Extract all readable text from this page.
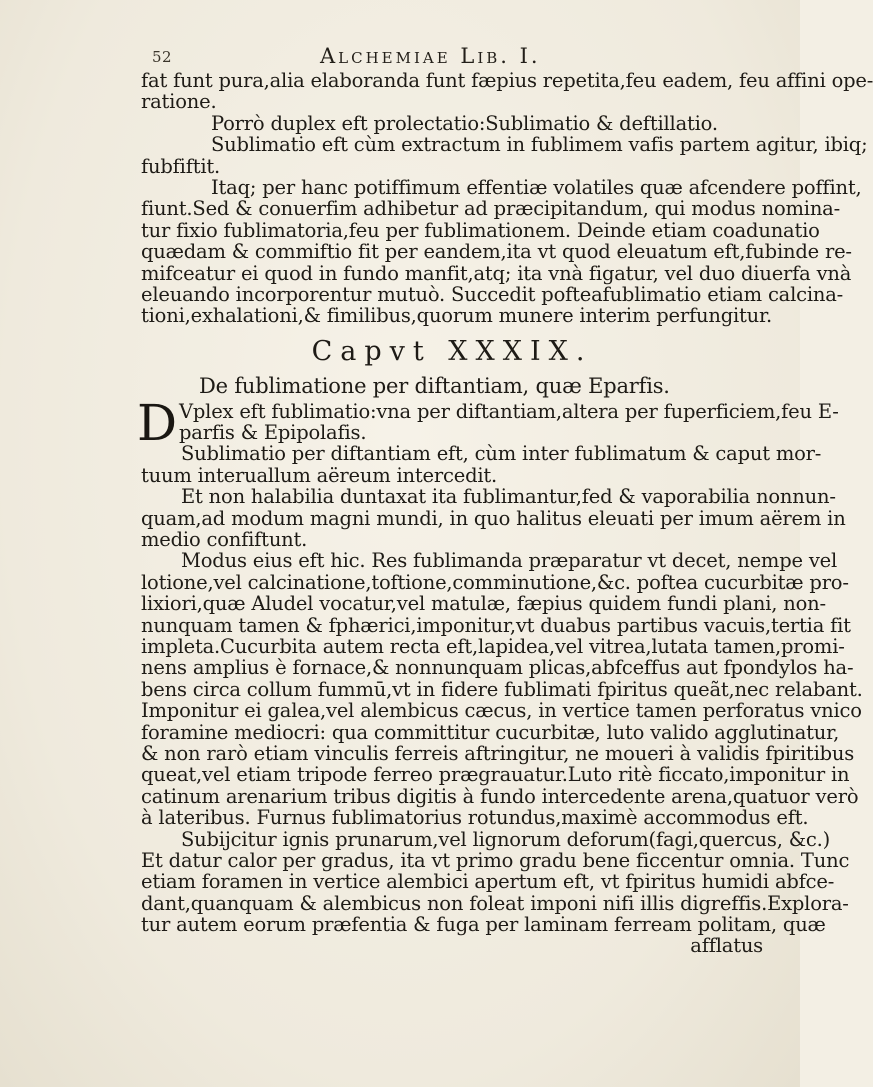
52	Alchemiae Lib. I.
fat funt pura,alia elaboranda funt fæpius repetita,feu eadem, feu affini ope-
ratione.
Porrò duplex eft prolectatio:Sublimatio & deftillatio.
Sublimatio eft cùm extractum in fublimem vafis partem agitur, ibiq;
fubfiftit.
Itaq; per hanc potiffimum effentiæ volatiles quæ afcendere poffint,
fiunt.Sed & conuerfim adhibetur ad præcipitandum, qui modus nomina-
tur fixio fublimatoria,feu per fublimationem. Deinde etiam coadunatio
quædam & commiftio fit per eandem,ita vt quod eleuatum eft,fubinde re-
mifceatur ei quod in fundo manfit,atq; ita vnà figatur, vel duo diuerfa vnà
eleuando incorporentur mutuò. Succedit pofteafublimatio etiam calcina-
tioni,exhalationi,& fimilibus,quorum munere interim perfungitur.
Capvt XXXIX.
De fublimatione per diftantiam, quæ Eparfis.
D Vplex eft fublimatio:vna per diftantiam,altera per fuperficiem,feu E-
parfis & Epipolafis.
Sublimatio per diftantiam eft, cùm inter fublimatum & caput mor-
tuum interuallum aëreum intercedit.
Et non halabilia duntaxat ita fublimantur,fed & vaporabilia nonnun-
quam,ad modum magni mundi, in quo halitus eleuati per imum aërem in
medio confiftunt.
Modus eius eft hic. Res fublimanda præparatur vt decet, nempe vel
lotione,vel calcinatione,toftione,comminutione,&c. poftea cucurbitæ pro-
lixiori,quæ Aludel vocatur,vel matulæ, fæpius quidem fundi plani, non-
nunquam tamen & fphærici,imponitur,vt duabus partibus vacuis,tertia fit
impleta.Cucurbita autem recta eft,lapidea,vel vitrea,lutata tamen,promi-
nens amplius è fornace,& nonnunquam plicas,abfceffus aut fpondylos ha-
bens circa collum fummū,vt in fidere fublimati fpiritus queãt,nec relabant.
Imponitur ei galea,vel alembicus cæcus, in vertice tamen perforatus vnico
foramine mediocri: qua committitur cucurbitæ, luto valido agglutinatur,
& non rarò etiam vinculis ferreis aftringitur, ne moueri à validis fpiritibus
queat,vel etiam tripode ferreo prægrauatur.Luto ritè ficcato,imponitur in
catinum arenarium tribus digitis à fundo intercedente arena,quatuor verò
à lateribus. Furnus fublimatorius rotundus,maximè accommodus eft.
Subijcitur ignis prunarum,vel lignorum deforum(fagi,quercus, &c.)
Et datur calor per gradus, ita vt primo gradu bene ficcentur omnia. Tunc
etiam foramen in vertice alembici apertum eft, vt fpiritus humidi abfce-
dant,quanquam & alembicus non foleat imponi nifi illis digreffis.Explora-
tur autem eorum præfentia & fuga per laminam ferream politam, quæ
afflatus
